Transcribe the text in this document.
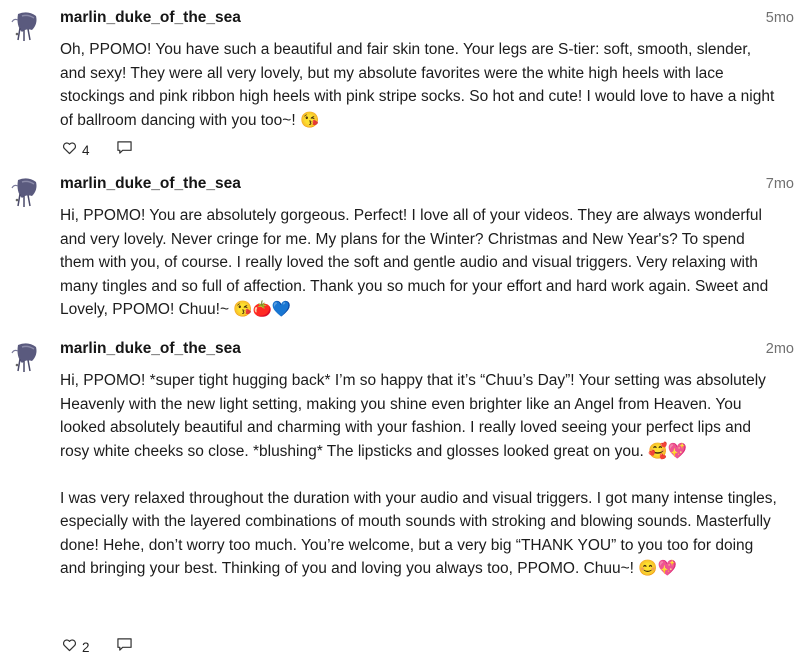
marlin_duke_of_the_sea	5mo

Oh, PPOMO! You have such a beautiful and fair skin tone. Your legs are S-tier: soft, smooth, slender, and sexy! They were all very lovely, but my absolute favorites were the white high heels with lace stockings and pink ribbon high heels with pink stripe socks. So hot and cute! I would love to have a night of ballroom dancing with you too~! 😘

4
marlin_duke_of_the_sea	7mo

Hi, PPOMO! You are absolutely gorgeous. Perfect! I love all of your videos. They are always wonderful and very lovely. Never cringe for me. My plans for the Winter? Christmas and New Year's? To spend them with you, of course. I really loved the soft and gentle audio and visual triggers. Very relaxing with many tingles and so full of affection. Thank you so much for your effort and hard work again. Sweet and Lovely, PPOMO! Chuu!~ 😘🍅💙

marlin_duke_of_the_sea	2mo

Hi, PPOMO! *super tight hugging back* I’m so happy that it’s “Chuu’s Day”! Your setting was absolutely Heavenly with the new light setting, making you shine even brighter like an Angel from Heaven. You looked absolutely beautiful and charming with your fashion. I really loved seeing your perfect lips and rosy white cheeks so close. *blushing* The lipsticks and glosses looked great on you. 🥰💖

I was very relaxed throughout the duration with your audio and visual triggers. I got many intense tingles, especially with the layered combinations of mouth sounds with stroking and blowing sounds. Masterfully done! Hehe, don’t worry too much. You’re welcome, but a very big “THANK YOU” to you too for doing and bringing your best. Thinking of you and loving you always too, PPOMO. Chuu~! 😊💖

2
